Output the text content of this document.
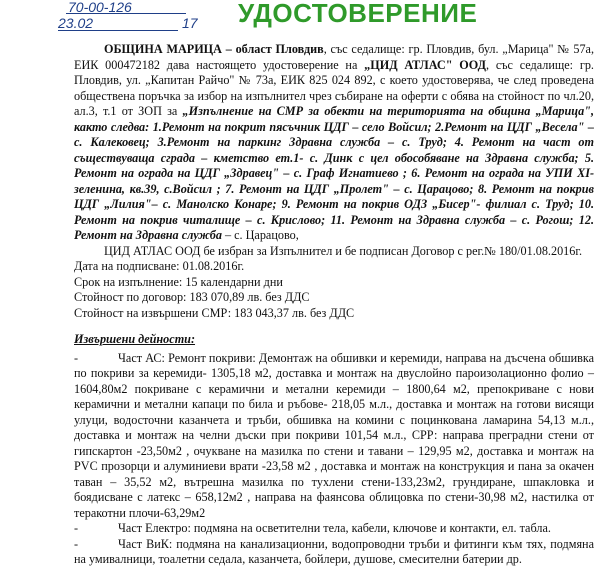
70-00-126
23.02	17 УДОСТОВЕРЕНИЕ

ОБЩИНА МАРИЦА – област Пловдив, със седалище: гр. Пловдив, бул. „Марица" № 57а, ЕИК 000472182 дава настоящето удостоверение на „ЦИД АТЛАС" ООД, със седалище: гр. Пловдив, ул. „Капитан Райчо" № 73а, ЕИК 825 024 892, с което удостоверява, че след проведена обществена поръчка за избор на изпълнител чрез събиране на оферти с обява на стойност по чл.20, ал.3, т.1 от ЗОП за „Изпълнение на СМР за обекти на територията на община „Марица", както следва: 1.Ремонт на покрит пясъчник ЦДГ – село Войсил; 2.Ремонт на ЦДГ „Весела" – с. Калековец; 3.Ремонт на паркинг Здравна служба – с. Труд; 4. Ремонт на част от съществуваща сграда – кметство ет.1- с. Динк с цел обособяване на Здравна служба; 5. Ремонт на ограда на ЦДГ „Здравец" – с. Граф Игнатиево ; 6. Ремонт на ограда на УПИ XI-зеленина, кв.39, с.Войсил ; 7. Ремонт на ЦДГ „Пролет" – с. Царацово; 8. Ремонт на покрив ЦДГ „Лилия"– с. Манолско Конаре; 9. Ремонт на покрив ОДЗ „Бисер"- филиал с. Труд; 10. Ремонт на покрив читалище – с. Крислово; 11. Ремонт на Здравна служба – с. Рогош; 12. Ремонт на Здравна служба – с. Царацово,

ЦИД АТЛАС ООД бе избран за Изпълнител и бе подписан Договор с рег.№ 180/01.08.2016г.

Дата на подписване: 01.08.2016г.

Срок на изпълнение: 15 календарни дни

Стойност по договор: 183 070,89 лв. без ДДС

Стойност на извършени СМР: 183 043,37 лв. без ДДС

Извършени дейности:

-	Част АС: Ремонт покриви: Демонтаж на обшивки и керемиди, направа на дъсчена обшивка по покриви за керемиди- 1305,18 м2, доставка и монтаж на двуслойно пароизолационно фолио – 1604,80м2 покриване с керамични и метални керемиди – 1800,64 м2, препокриване с нови керамични и метални капаци по била и ръбове- 218,05 м.л., доставка и монтаж на готови висящи улуци, водосточни казанчета и тръби, обшивка на комини с поцинкована ламарина 54,13 м.л., доставка и монтаж на челни дъски при покриви 101,54 м.л., СРР: направа преградни стени от гипскартон -23,50м2 , очукване на мазилка по стени и тавани – 129,95 м2, доставка и монтаж на PVC прозорци и алуминиеви врати -23,58 м2 , доставка и монтаж на конструкция и пана за окачен таван – 35,52 м2, вътрешна мазилка по тухлени стени-133,23м2, грундиране, шпакловка и боядисване с латекс – 658,12м2 , направа на фаянсова облицовка по стени-30,98 м2, настилка от теракотни плочи-63,29м2

-	Част Електро: подмяна на осветителни тела, кабели, ключове и контакти, ел. табла.

-	Част ВиК: подмяна на канализационни, водопроводни тръби и фитинги към тях, подмяна на умивалници, тоалетни седала, казанчета, бойлери, душове, смесителни батерии др.
